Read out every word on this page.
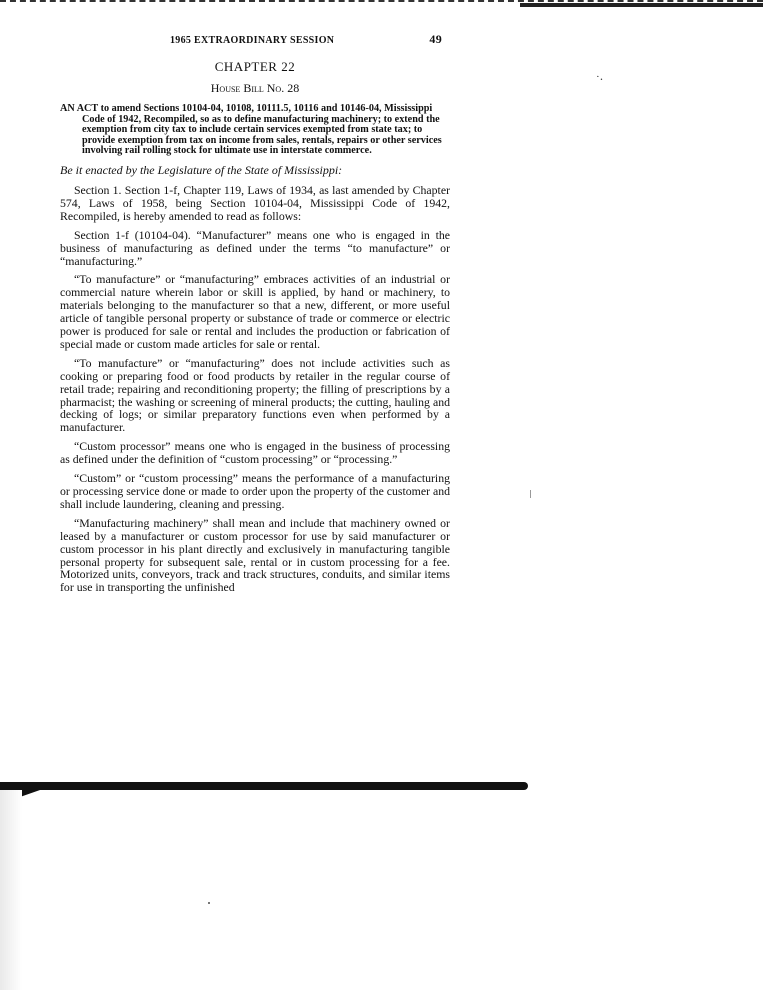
1965 EXTRAORDINARY SESSION	49
CHAPTER 22
House Bill No. 28
AN ACT to amend Sections 10104-04, 10108, 10111.5, 10116 and 10146-04, Mississippi Code of 1942, Recompiled, so as to define manufacturing machinery; to extend the exemption from city tax to include certain services exempted from state tax; to provide exemption from tax on income from sales, rentals, repairs or other services involving rail rolling stock for ultimate use in interstate commerce.
Be it enacted by the Legislature of the State of Mississippi:

Section 1. Section 1-f, Chapter 119, Laws of 1934, as last amended by Chapter 574, Laws of 1958, being Section 10104-04, Mississippi Code of 1942, Recompiled, is hereby amended to read as follows:

Section 1-f (10104-04). “Manufacturer” means one who is engaged in the business of manufacturing as defined under the terms “to manufacture” or “manufacturing.”

“To manufacture” or “manufacturing” embraces activities of an industrial or commercial nature wherein labor or skill is applied, by hand or machinery, to materials belonging to the manufacturer so that a new, different, or more useful article of tangible personal property or substance of trade or commerce or electric power is produced for sale or rental and includes the production or fabrication of special made or custom made articles for sale or rental.

“To manufacture” or “manufacturing” does not include activities such as cooking or preparing food or food products by retailer in the regular course of retail trade; repairing and reconditioning property; the filling of prescriptions by a pharmacist; the washing or screening of mineral products; the cutting, hauling and decking of logs; or similar preparatory functions even when performed by a manufacturer.

“Custom processor” means one who is engaged in the business of processing as defined under the definition of “custom processing” or “processing.”

“Custom” or “custom processing” means the performance of a manufacturing or processing service done or made to order upon the property of the customer and shall include laundering, cleaning and pressing.

“Manufacturing machinery” shall mean and include that machinery owned or leased by a manufacturer or custom processor for use by said manufacturer or custom processor in his plant directly and exclusively in manufacturing tangible personal property for subsequent sale, rental or in custom processing for a fee. Motorized units, conveyors, track and track structures, conduits, and similar items for use in transporting the unfinished

·․
